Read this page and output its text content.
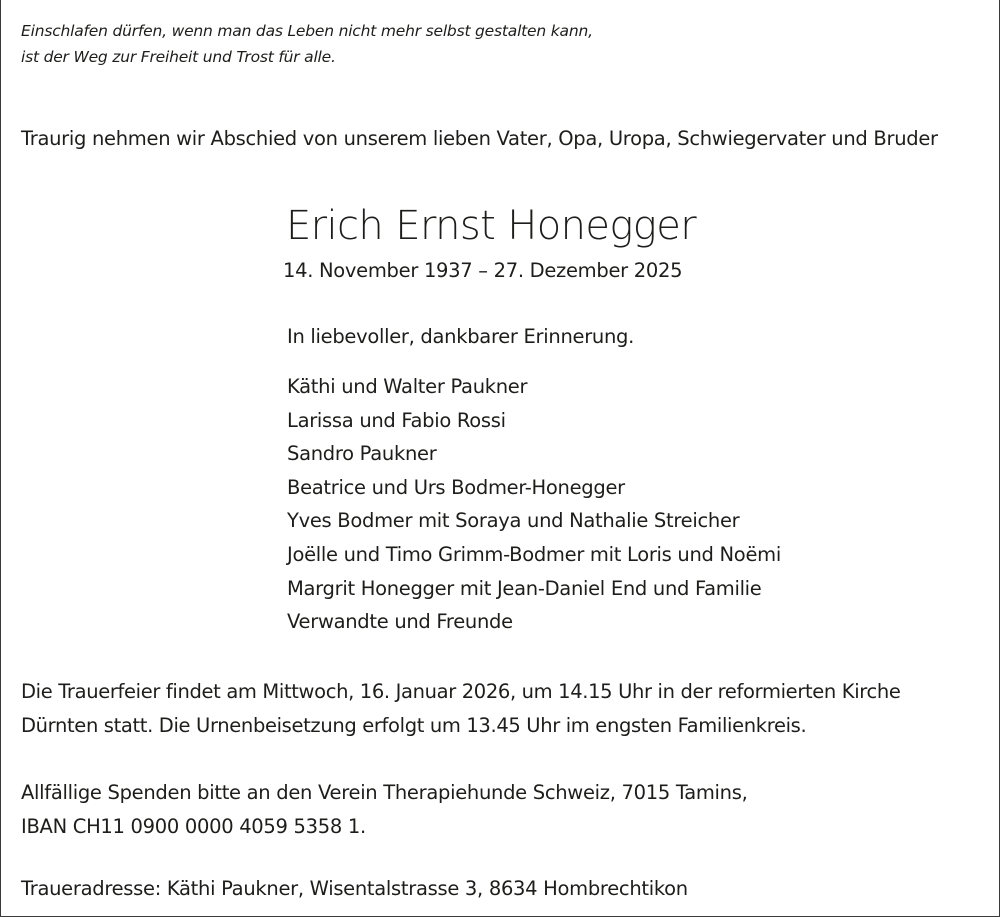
Einschlafen dürfen, wenn man das Leben nicht mehr selbst gestalten kann,
ist der Weg zur Freiheit und Trost für alle.
Traurig nehmen wir Abschied von unserem lieben Vater, Opa, Uropa, Schwiegervater und Bruder
Erich Ernst Honegger
14. November 1937 – 27. Dezember 2025
In liebevoller, dankbarer Erinnerung.
Käthi und Walter Paukner
Larissa und Fabio Rossi
Sandro Paukner
Beatrice und Urs Bodmer-Honegger
Yves Bodmer mit Soraya und Nathalie Streicher
Joëlle und Timo Grimm-Bodmer mit Loris und Noëmi
Margrit Honegger mit Jean-Daniel End und Familie
Verwandte und Freunde
Die Trauerfeier findet am Mittwoch, 16. Januar 2026, um 14.15 Uhr in der reformierten Kirche
Dürnten statt. Die Urnenbeisetzung erfolgt um 13.45 Uhr im engsten Familienkreis.
Allfällige Spenden bitte an den Verein Therapiehunde Schweiz, 7015 Tamins,
IBAN CH11 0900 0000 4059 5358 1.
Traueradresse: Käthi Paukner, Wisentalstrasse 3, 8634 Hombrechtikon
